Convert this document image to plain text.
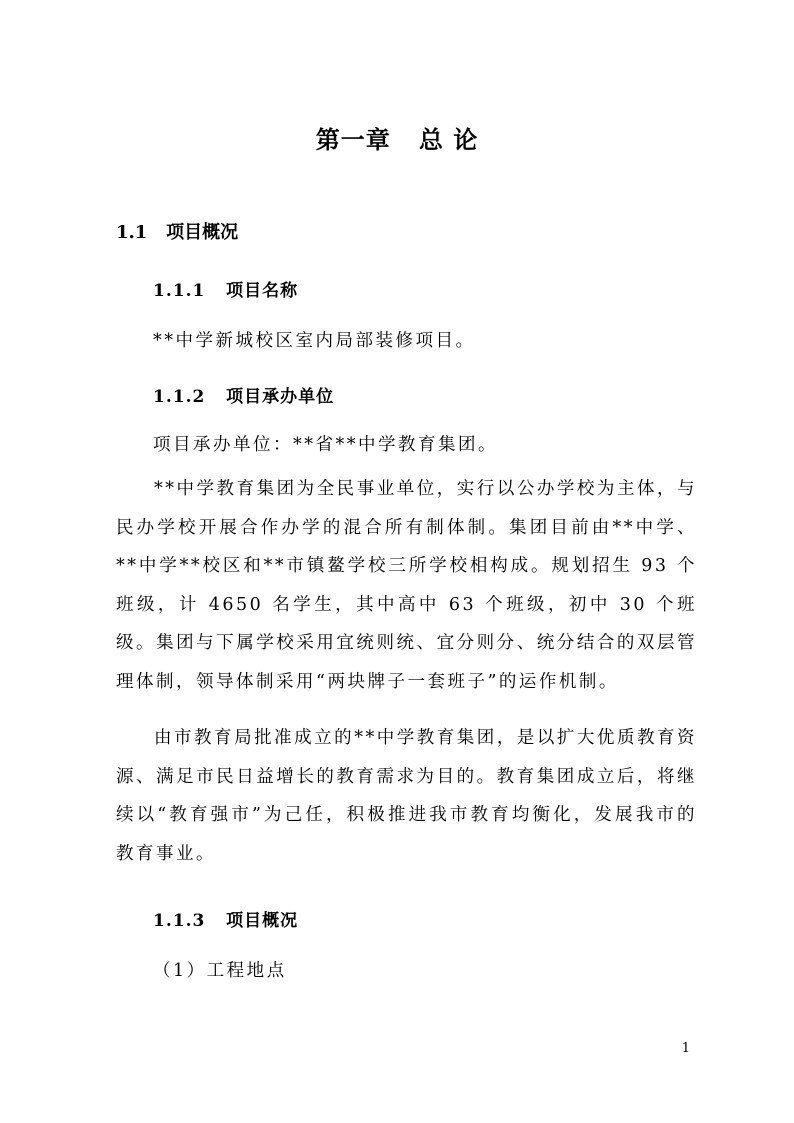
第一章   总 论
1.1   项目概况
1.1.1   项目名称
**中学新城校区室内局部装修项目。
1.1.2   项目承办单位
项目承办单位：**省**中学教育集团。

**中学教育集团为全民事业单位，实行以公办学校为主体，与民办学校开展合作办学的混合所有制体制。集团目前由**中学、**中学**校区和**市镇鳌学校三所学校相构成。规划招生 93 个班级，计 4650 名学生，其中高中 63 个班级，初中 30 个班级。集团与下属学校采用宜统则统、宜分则分、统分结合的双层管理体制，领导体制采用“两块牌子一套班子”的运作机制。

由市教育局批准成立的**中学教育集团，是以扩大优质教育资源、满足市民日益增长的教育需求为目的。教育集团成立后，将继续以“教育强市”为己任，积极推进我市教育均衡化，发展我市的教育事业。

1.1.3   项目概况
（1）工程地点
1
